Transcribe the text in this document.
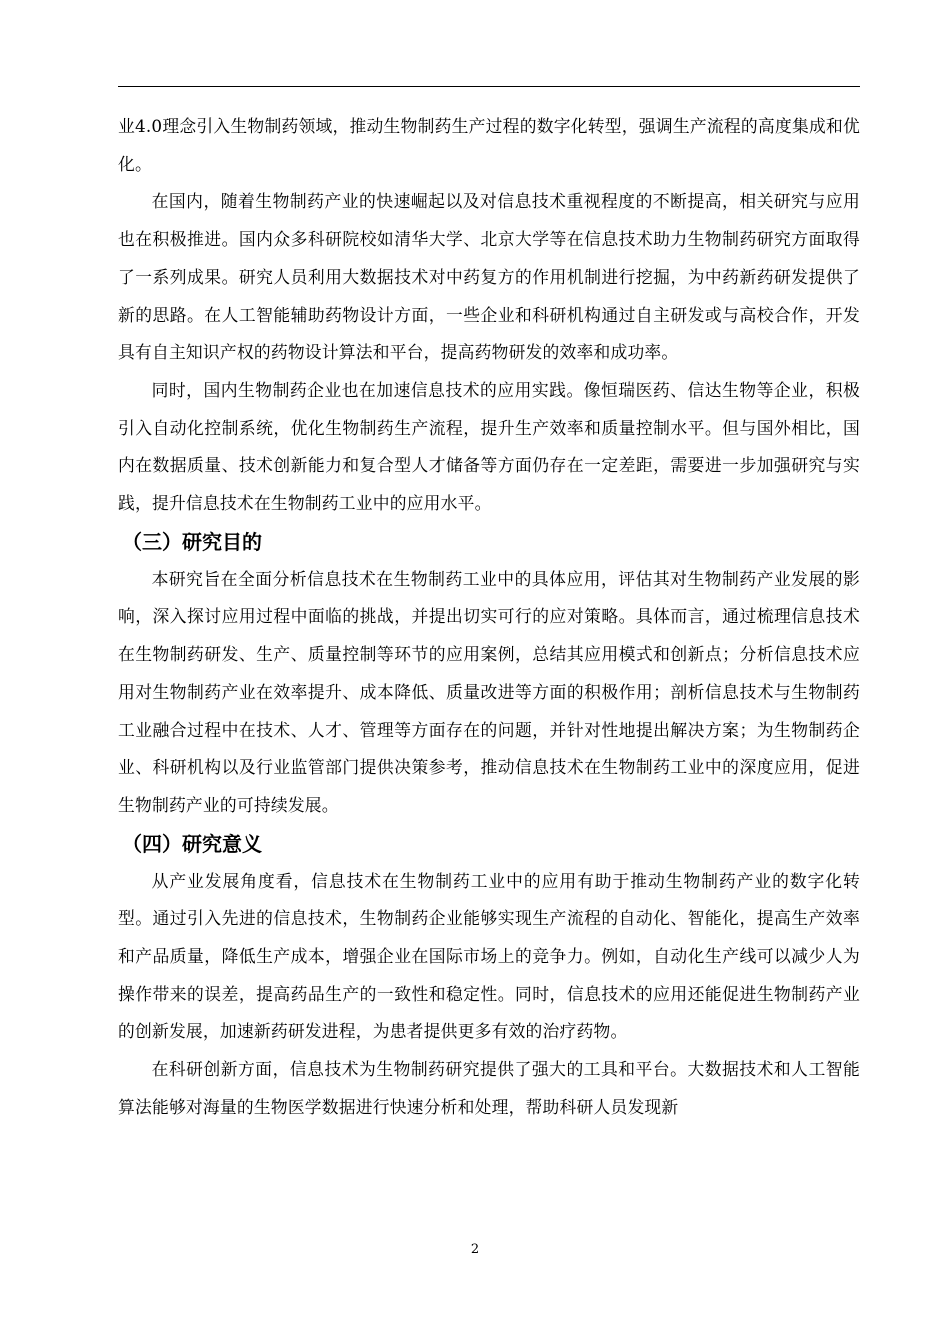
业4.0理念引入生物制药领域，推动生物制药生产过程的数字化转型，强调生产流程的高度集成和优化。

在国内，随着生物制药产业的快速崛起以及对信息技术重视程度的不断提高，相关研究与应用也在积极推进。国内众多科研院校如清华大学、北京大学等在信息技术助力生物制药研究方面取得了一系列成果。研究人员利用大数据技术对中药复方的作用机制进行挖掘，为中药新药研发提供了新的思路。在人工智能辅助药物设计方面，一些企业和科研机构通过自主研发或与高校合作，开发具有自主知识产权的药物设计算法和平台，提高药物研发的效率和成功率。

同时，国内生物制药企业也在加速信息技术的应用实践。像恒瑞医药、信达生物等企业，积极引入自动化控制系统，优化生物制药生产流程，提升生产效率和质量控制水平。但与国外相比，国内在数据质量、技术创新能力和复合型人才储备等方面仍存在一定差距，需要进一步加强研究与实践，提升信息技术在生物制药工业中的应用水平。

（三）研究目的

本研究旨在全面分析信息技术在生物制药工业中的具体应用，评估其对生物制药产业发展的影响，深入探讨应用过程中面临的挑战，并提出切实可行的应对策略。具体而言，通过梳理信息技术在生物制药研发、生产、质量控制等环节的应用案例，总结其应用模式和创新点；分析信息技术应用对生物制药产业在效率提升、成本降低、质量改进等方面的积极作用；剖析信息技术与生物制药工业融合过程中在技术、人才、管理等方面存在的问题，并针对性地提出解决方案；为生物制药企业、科研机构以及行业监管部门提供决策参考，推动信息技术在生物制药工业中的深度应用，促进生物制药产业的可持续发展。

（四）研究意义

从产业发展角度看，信息技术在生物制药工业中的应用有助于推动生物制药产业的数字化转型。通过引入先进的信息技术，生物制药企业能够实现生产流程的自动化、智能化，提高生产效率和产品质量，降低生产成本，增强企业在国际市场上的竞争力。例如，自动化生产线可以减少人为操作带来的误差，提高药品生产的一致性和稳定性。同时，信息技术的应用还能促进生物制药产业的创新发展，加速新药研发进程，为患者提供更多有效的治疗药物。

在科研创新方面，信息技术为生物制药研究提供了强大的工具和平台。大数据技术和人工智能算法能够对海量的生物医学数据进行快速分析和处理，帮助科研人员发现新

2
